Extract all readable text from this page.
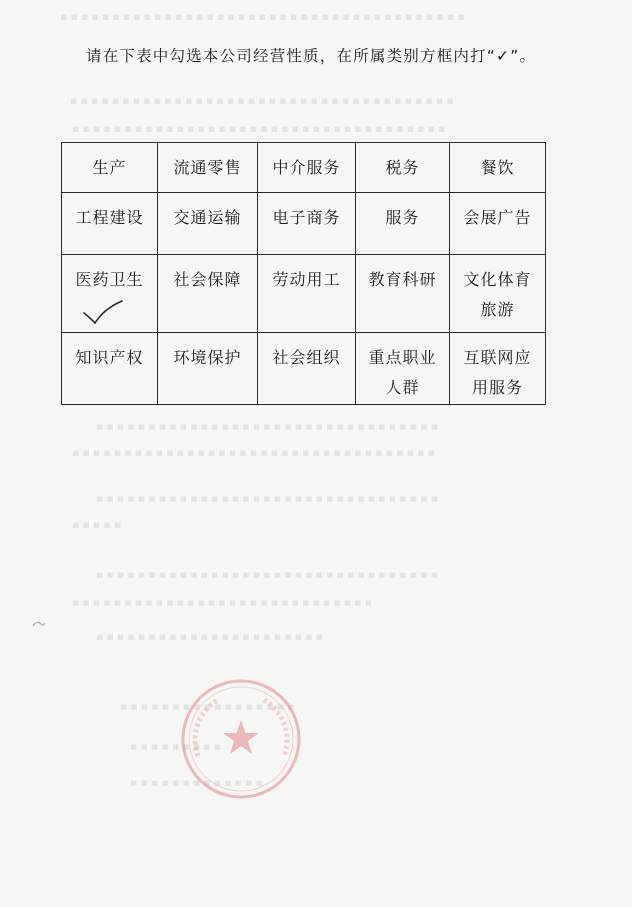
▪▪▪▪▪▪▪▪▪▪▪▪▪▪▪▪▪▪▪▪▪▪▪▪▪▪▪▪▪▪▪▪▪▪▪▪▪▪▪
▪▪▪▪▪▪▪▪▪▪▪▪▪▪▪▪▪▪▪▪▪▪▪▪▪▪▪▪▪▪▪▪▪▪▪▪▪
▪▪▪▪▪▪▪▪▪▪▪▪▪▪▪▪▪▪▪▪▪▪▪▪▪▪▪▪▪▪▪▪▪▪▪▪
▪▪▪▪▪▪▪▪▪▪▪▪▪▪▪▪▪▪▪▪▪▪▪▪▪▪▪▪▪▪▪▪▪
▪▪▪▪▪▪▪▪▪▪▪▪▪▪▪▪▪▪▪▪▪▪▪▪▪▪▪▪▪▪▪▪▪▪▪
▪▪▪▪▪▪▪▪▪▪▪▪▪▪▪▪▪▪▪▪▪▪▪▪▪▪▪▪▪▪▪▪▪
▪▪▪▪▪
▪▪▪▪▪▪▪▪▪▪▪▪▪▪▪▪▪▪▪▪▪▪▪▪▪▪▪▪▪▪▪▪▪
▪▪▪▪▪▪▪▪▪▪▪▪▪▪▪▪▪▪▪▪▪▪▪▪▪▪▪▪▪
▪▪▪▪▪▪▪▪▪▪▪▪▪▪▪▪▪▪▪▪▪▪
▪▪▪▪▪▪▪▪▪▪▪▪▪▪▪▪▪
▪▪▪▪▪▪▪▪▪
▪▪▪▪▪▪▪▪▪▪▪▪▪
请在下表中勾选本公司经营性质，在所属类别方框内打“✓”。
生产	流通零售	中介服务	税务	餐饮
工程建设	交通运输	电子商务	服务	会展广告
医药卫生	社会保障	劳动用工	教育科研	文化体育旅游

知识产权	环境保护	社会组织	重点职业人群	互联网应用服务
